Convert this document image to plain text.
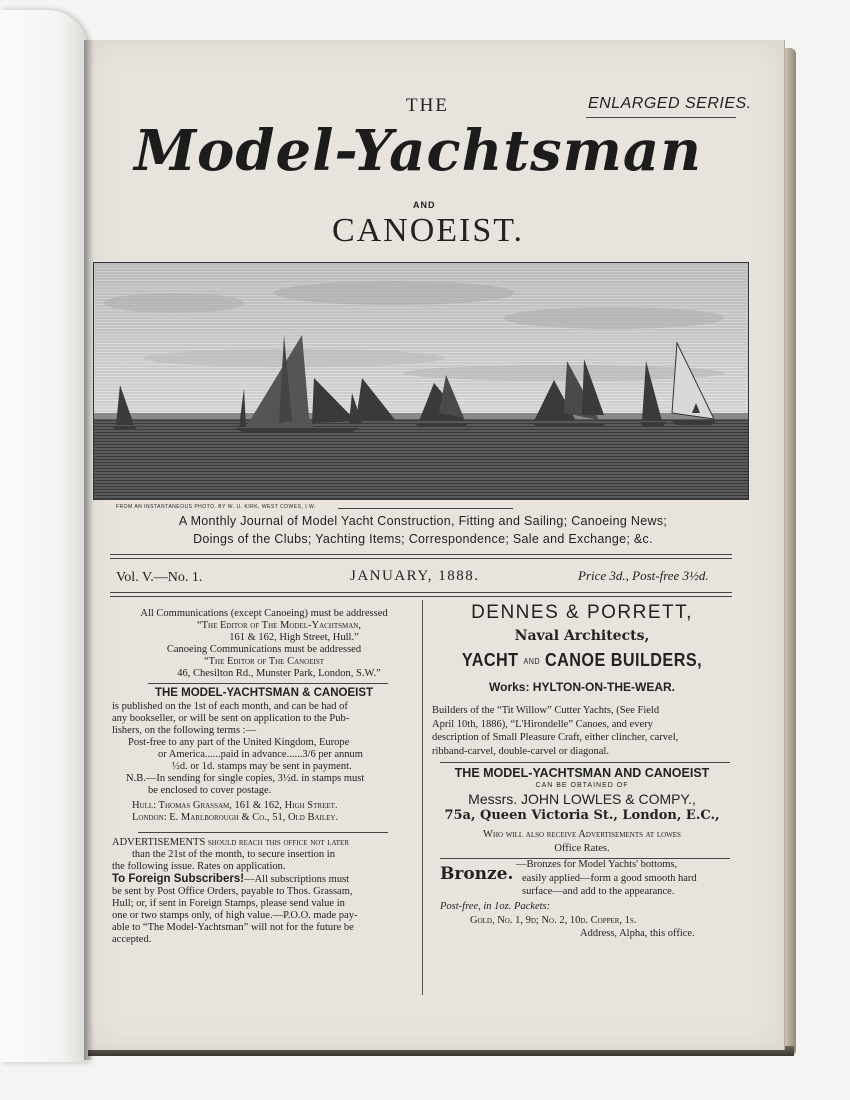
THE	ENLARGED SERIES.
Model-Yachtsman
AND
CANOEIST.
FROM AN INSTANTANEOUS PHOTO. BY W. U. KIRK, WEST COWES, I.W.
A Monthly Journal of Model Yacht Construction, Fitting and Sailing; Canoeing News;
Doings of the Clubs; Yachting Items; Correspondence; Sale and Exchange; &c.
Vol. V.—No. 1.	JANUARY, 1888.	Price 3d., Post-free 3½d.
All Communications (except Canoeing) must be addressed
“The Editor of The Model-Yachtsman,
161 & 162, High Street, Hull.”
Canoeing Communications must be addressed
“The Editor of The Canoeist
46, Chesilton Rd., Munster Park, London, S.W.”
THE MODEL-YACHTSMAN & CANOEIST
is published on the 1st of each month, and can be had of
any bookseller, or will be sent on application to the Pub-
lishers, on the following terms :—
Post-free to any part of the United Kingdom, Europe
or America......paid in advance......3/6 per annum
½d. or 1d. stamps may be sent in payment.
N.B.—In sending for single copies, 3½d. in stamps must
be enclosed to cover postage.
Hull: Thomas Grassam, 161 & 162, High Street.
London: E. Marlborough & Co., 51, Old Bailey.
ADVERTISEMENTS should reach this office not later
than the 21st of the month, to secure insertion in
the following issue. Rates on application.
To Foreign Subscribers!—All subscriptions must
be sent by Post Office Orders, payable to Thos. Grassam,
Hull; or, if sent in Foreign Stamps, please send value in
one or two stamps only, of high value.—P.O.O. made pay-
able to “The Model-Yachtsman” will not for the future be
accepted.
DENNES & PORRETT,
Naval Architects,
YACHT AND CANOE BUILDERS,
Works: HYLTON-ON-THE-WEAR.
Builders of the “Tit Willow” Cutter Yachts, (See Field
April 10th, 1886), “L'Hirondelle” Canoes, and every
description of Small Pleasure Craft, either clincher, carvel,
ribband-carvel, double-carvel or diagonal.
THE MODEL-YACHTSMAN AND CANOEIST
CAN BE OBTAINED OF
Messrs. JOHN LOWLES & COMPY.,
75a, Queen Victoria St., London, E.C.,
Who will also receive Advertisements at lowes
Office Rates.
Bronze. —Bronzes for Model Yachts' bottoms,
easily applied—form a good smooth hard
surface—and add to the appearance.
Post-free, in 1oz. Packets:
Gold, No. 1, 9d; No. 2, 10d. Copper, 1s.
Address, Alpha, this office.
